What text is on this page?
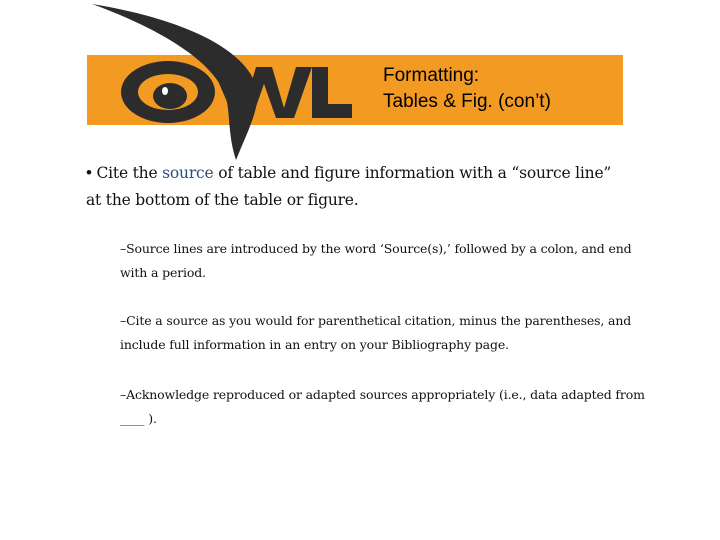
Formatting:
Tables & Fig. (con’t)
• Cite the source of table and figure information with a “source line” at the bottom of the table or figure.
–Source lines are introduced by the word ‘Source(s),’ followed by a colon, and end with a period.
–Cite a source as you would for parenthetical citation, minus the parentheses, and include full information in an entry on your Bibliography page.
–Acknowledge reproduced or adapted sources appropriately (i.e., data adapted from ____ ).
